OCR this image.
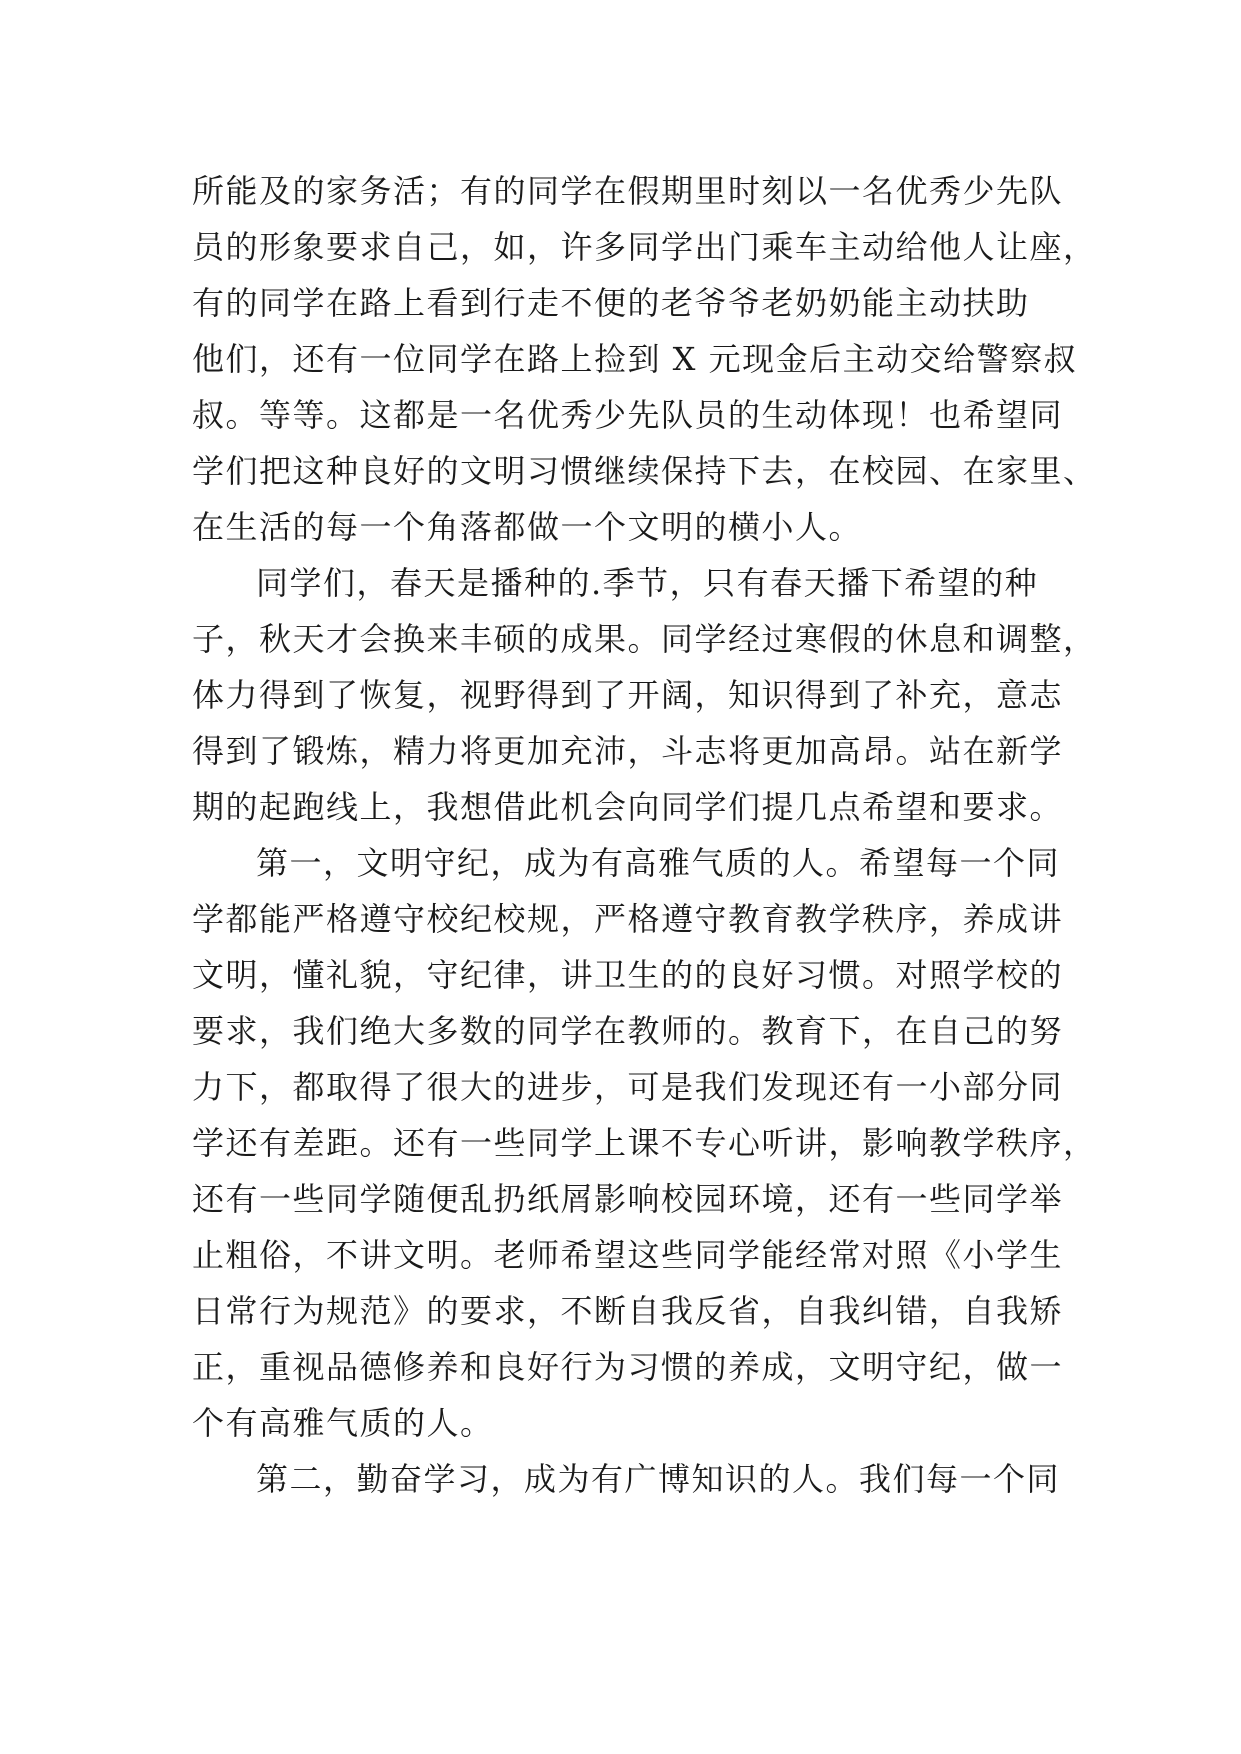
所能及的家务活；有的同学在假期里时刻以一名优秀少先队
员的形象要求自己，如，许多同学出门乘车主动给他人让座，
有的同学在路上看到行走不便的老爷爷老奶奶能主动扶助
他们，还有一位同学在路上捡到 X 元现金后主动交给警察叔
叔。等等。这都是一名优秀少先队员的生动体现！也希望同
学们把这种良好的文明习惯继续保持下去，在校园、在家里、
在生活的每一个角落都做一个文明的横小人。
同学们，春天是播种的.季节，只有春天播下希望的种
子，秋天才会换来丰硕的成果。同学经过寒假的休息和调整，
体力得到了恢复，视野得到了开阔，知识得到了补充，意志
得到了锻炼，精力将更加充沛，斗志将更加高昂。站在新学
期的起跑线上，我想借此机会向同学们提几点希望和要求。
第一，文明守纪，成为有高雅气质的人。希望每一个同
学都能严格遵守校纪校规，严格遵守教育教学秩序，养成讲
文明，懂礼貌，守纪律，讲卫生的的良好习惯。对照学校的
要求，我们绝大多数的同学在教师的。教育下，在自己的努
力下，都取得了很大的进步，可是我们发现还有一小部分同
学还有差距。还有一些同学上课不专心听讲，影响教学秩序，
还有一些同学随便乱扔纸屑影响校园环境，还有一些同学举
止粗俗，不讲文明。老师希望这些同学能经常对照《小学生
日常行为规范》的要求，不断自我反省，自我纠错，自我矫
正，重视品德修养和良好行为习惯的养成，文明守纪，做一
个有高雅气质的人。
第二，勤奋学习，成为有广博知识的人。我们每一个同
